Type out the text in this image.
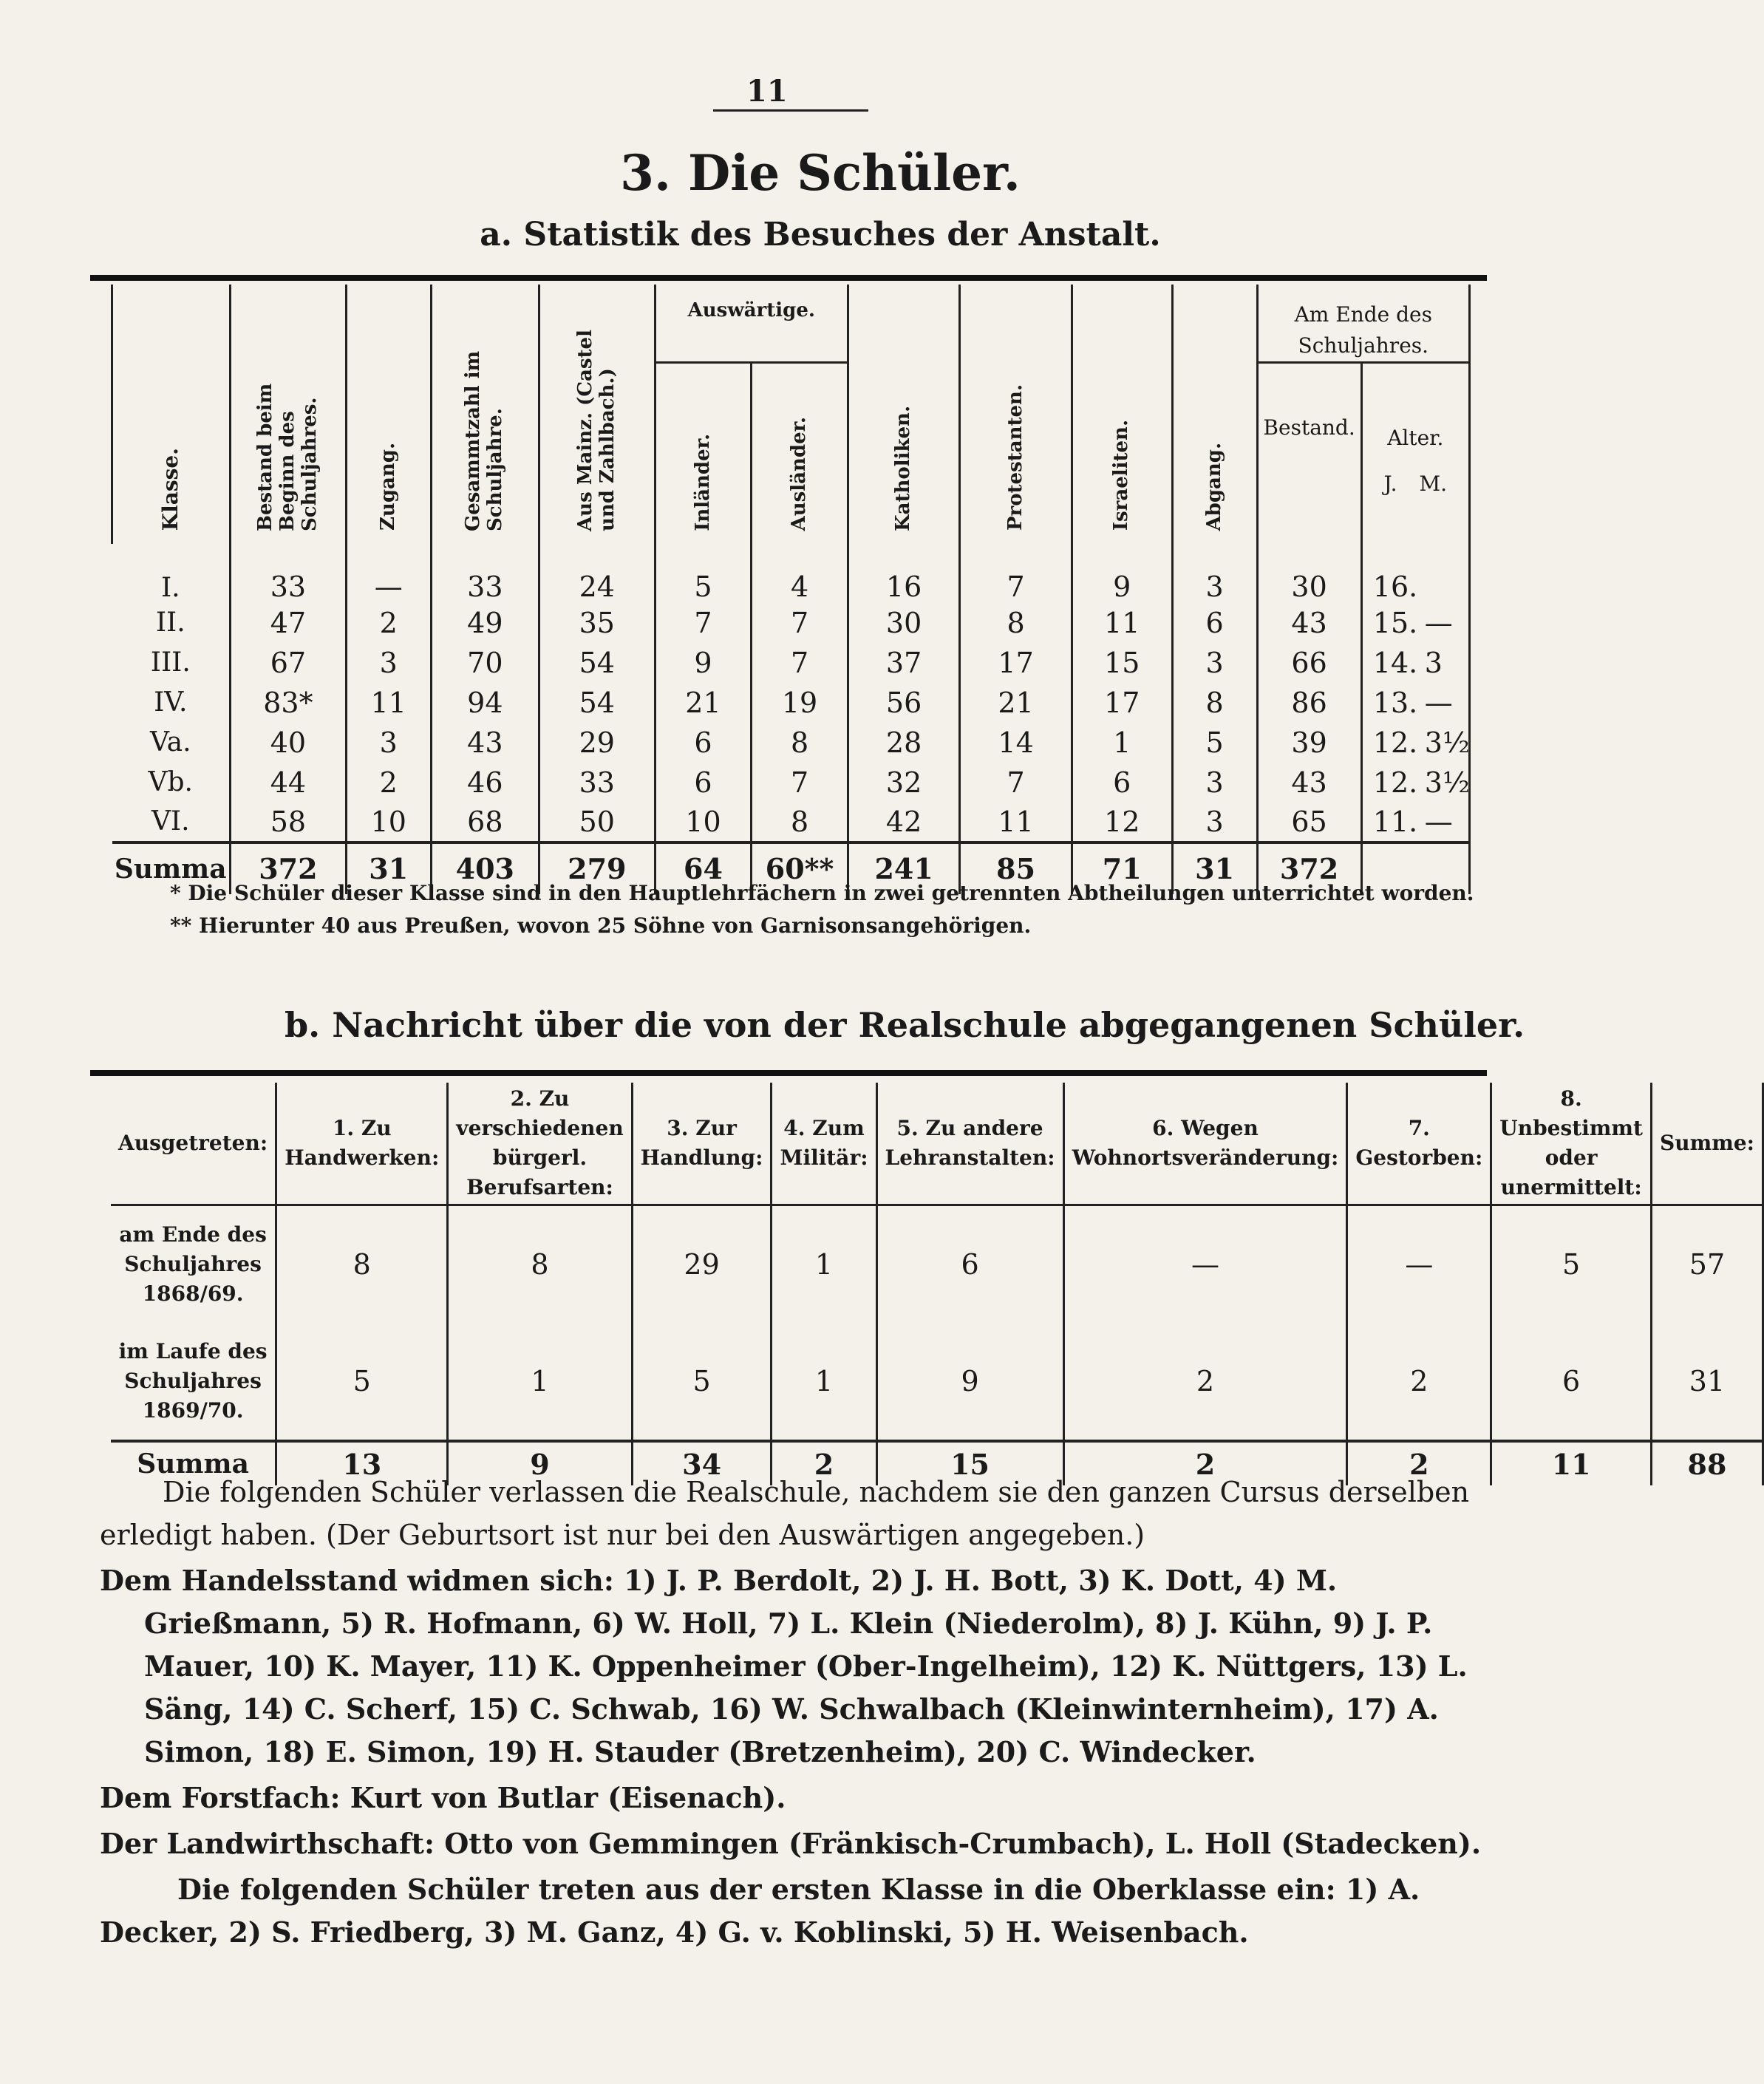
11
3. Die Schüler.
a. Statistik des Besuches der Anstalt.
Klasse.	Bestand beim Beginn des Schuljahres.	Zugang.	Gesammtzahl im Schuljahre.	Aus Mainz. (Castel und Zahlbach.)	Auswärtige.		Katholiken.	Protestanten.	Israeliten.	Abgang.	Am Ende des Schuljahres.	
					Inländer.	Ausländer.					Bestand.	Alter.
J. M.
I.	33	—	33	24	5	4	16	7	9	3	30	16.
II.	47	2	49	35	7	7	30	8	11	6	43	15. —
III.	67	3	70	54	9	7	37	17	15	3	66	14. 3
IV.	83*	11	94	54	21	19	56	21	17	8	86	13. —
Va.	40	3	43	29	6	8	28	14	1	5	39	12. 3½
Vb.	44	2	46	33	6	7	32	7	6	3	43	12. 3½
VI.	58	10	68	50	10	8	42	11	12	3	65	11. —
Summa	372	31	403	279	64	60**	241	85	71	31	372	
* Die Schüler dieser Klasse sind in den Hauptlehrfächern in zwei getrennten Abtheilungen unterrichtet worden.
** Hierunter 40 aus Preußen, wovon 25 Söhne von Garnisonsangehörigen.
b. Nachricht über die von der Realschule abgegangenen Schüler.
Ausgetreten:	1. Zu Handwerken:	2. Zu verschiedenen bürgerl. Berufsarten:	3. Zur Handlung:	4. Zum Militär:	5. Zu andere Lehranstalten:	6. Wegen Wohnortsveränderung:	7. Gestorben:	8. Unbestimmt oder unermittelt:	Summe:
am Ende des Schuljahres 1868/69.	8	8	29	1	6	—	—	5	57
im Laufe des Schuljahres 1869/70.	5	1	5	1	9	2	2	6	31
Summa	13	9	34	2	15	2	2	11	88

Die folgenden Schüler verlassen die Realschule, nachdem sie den ganzen Cursus derselben erledigt haben. (Der Geburtsort ist nur bei den Auswärtigen angegeben.)

Dem Handelsstand widmen sich: 1) J. P. Berdolt, 2) J. H. Bott, 3) K. Dott, 4) M. Grießmann, 5) R. Hofmann, 6) W. Holl, 7) L. Klein (Niederolm), 8) J. Kühn, 9) J. P. Mauer, 10) K. Mayer, 11) K. Oppenheimer (Ober-Ingelheim), 12) K. Nüttgers, 13) L. Säng, 14) C. Scherf, 15) C. Schwab, 16) W. Schwalbach (Kleinwinternheim), 17) A. Simon, 18) E. Simon, 19) H. Stauder (Bretzenheim), 20) C. Windecker.

Dem Forstfach: Kurt von Butlar (Eisenach).

Der Landwirthschaft: Otto von Gemmingen (Fränkisch-Crumbach), L. Holl (Stadecken).

Die folgenden Schüler treten aus der ersten Klasse in die Oberklasse ein: 1) A. Decker, 2) S. Friedberg, 3) M. Ganz, 4) G. v. Koblinski, 5) H. Weisenbach.
